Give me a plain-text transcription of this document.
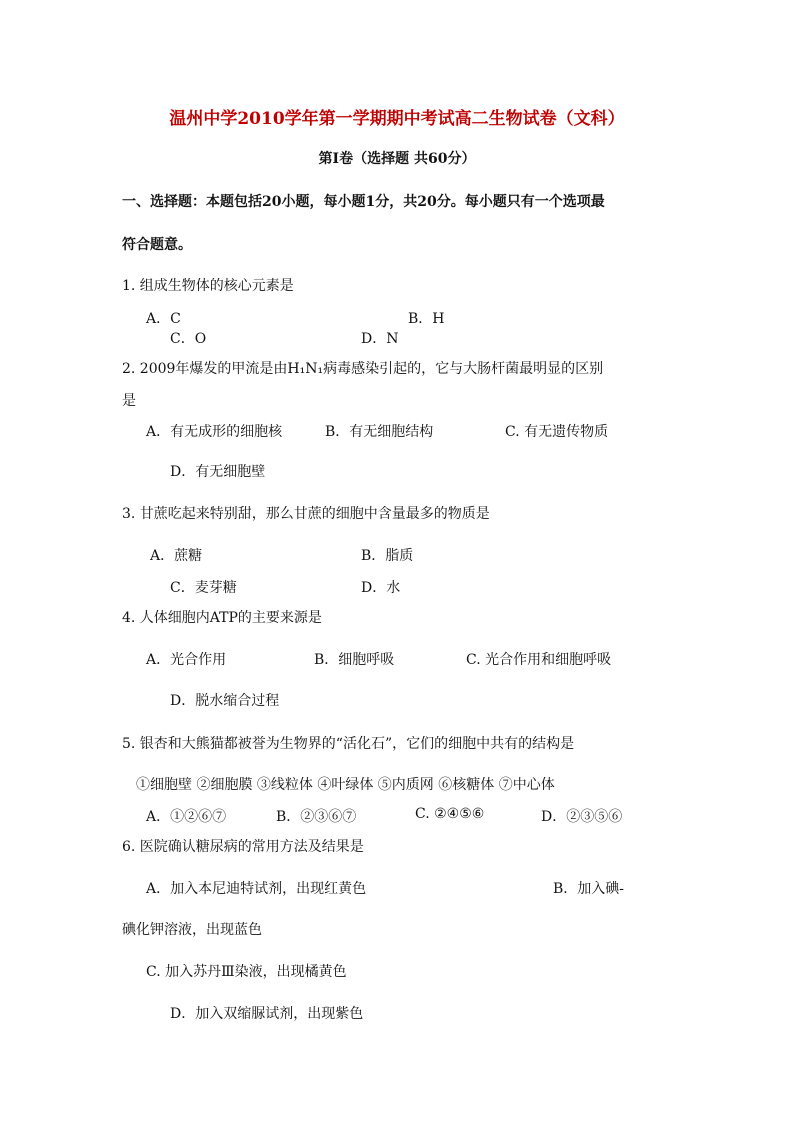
温州中学2010学年第一学期期中考试高二生物试卷（文科）
第Ⅰ卷（选择题 共60分）
一、选择题：本题包括20小题，每小题1分，共20分。每小题只有一个选项最
符合题意。
1. 组成生物体的核心元素是
A．C	B．H
C．O	D．N
2. 2009年爆发的甲流是由H₁N₁病毒感染引起的，它与大肠杆菌最明显的区别
是
A．有无成形的细胞核	B．有无细胞结构	C. 有无遗传物质
D．有无细胞壁
3. 甘蔗吃起来特别甜，那么甘蔗的细胞中含量最多的物质是
A．蔗糖	B．脂质
C．麦芽糖	D．水
4. 人体细胞内ATP的主要来源是
A．光合作用	B．细胞呼吸	C. 光合作用和细胞呼吸
D．脱水缩合过程
5. 银杏和大熊猫都被誉为生物界的“活化石”，它们的细胞中共有的结构是
①细胞壁 ②细胞膜 ③线粒体 ④叶绿体 ⑤内质网 ⑥核糖体 ⑦中心体
A．①②⑥⑦	B．②③⑥⑦	C. ②④⑤⑥	D．②③⑤⑥
6. 医院确认糖尿病的常用方法及结果是
A．加入本尼迪特试剂，出现红黄色	B．加入碘-
碘化钾溶液，出现蓝色
C. 加入苏丹Ⅲ染液，出现橘黄色
D．加入双缩脲试剂，出现紫色
